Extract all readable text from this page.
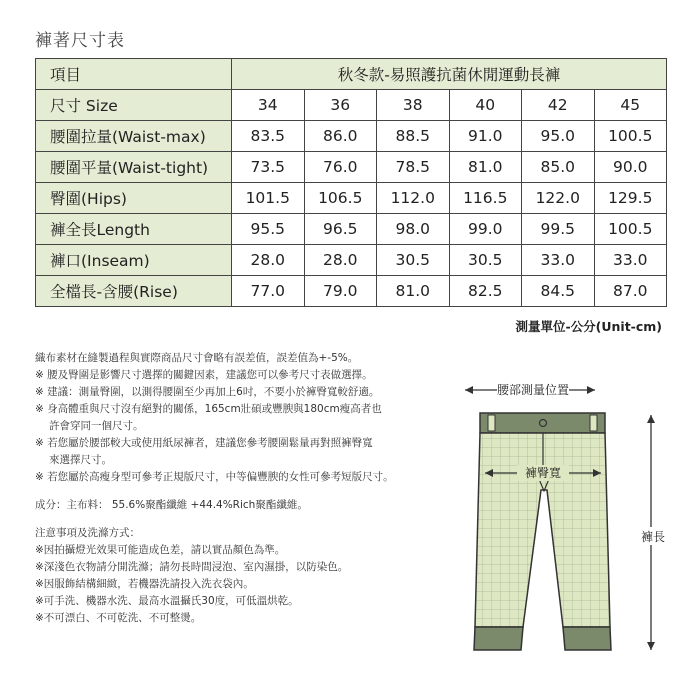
褲著尺寸表
項目	秋冬款-易照護抗菌休閒運動長褲					
尺寸 Size	34	36	38	40	42	45
腰圍拉量(Waist-max)	83.5	86.0	88.5	91.0	95.0	100.5
腰圍平量(Waist-tight)	73.5	76.0	78.5	81.0	85.0	90.0
臀圍(Hips)	101.5	106.5	112.0	116.5	122.0	129.5
褲全長Length	95.5	96.5	98.0	99.0	99.5	100.5
褲口(Inseam)	28.0	28.0	30.5	30.5	33.0	33.0
全檔長-含腰(Rise)	77.0	79.0	81.0	82.5	84.5	87.0
測量單位-公分(Unit-cm)

織布素材在縫製過程與實際商品尺寸會略有誤差值，誤差值為+-5%。

※ 腰及臀圍是影響尺寸選擇的關鍵因素，建議您可以參考尺寸表做選擇。

※ 建議：測量臀圍，以測得腰圍至少再加上6吋，不要小於褲臀寬較舒適。

※ 身高體重與尺寸沒有絕對的關係，165cm壯碩或豐腴與180cm瘦高者也

許會穿同一個尺寸。

※ 若您屬於腰部較大或使用紙尿褲者，建議您參考腰圍鬆量再對照褲臀寬

來選擇尺寸。

※ 若您屬於高瘦身型可參考正規版尺寸，中等偏豐腴的女性可參考短版尺寸。

成分：主布料： 55.6%聚酯纖維 +44.4%Rich聚酯纖維。

注意事項及洗滌方式：

※因拍攝燈光效果可能造成色差，請以實品顏色為準。

※深淺色衣物請分開洗滌；請勿長時間浸泡、室內濕掛，以防染色。

※因服飾結構細緻，若機器洗請投入洗衣袋內。

※可手洗、機器水洗、最高水溫攝氏30度，可低溫烘乾。

※不可漂白、不可乾洗、不可整燙。

腰部測量位置
褲臀寬
褲長
